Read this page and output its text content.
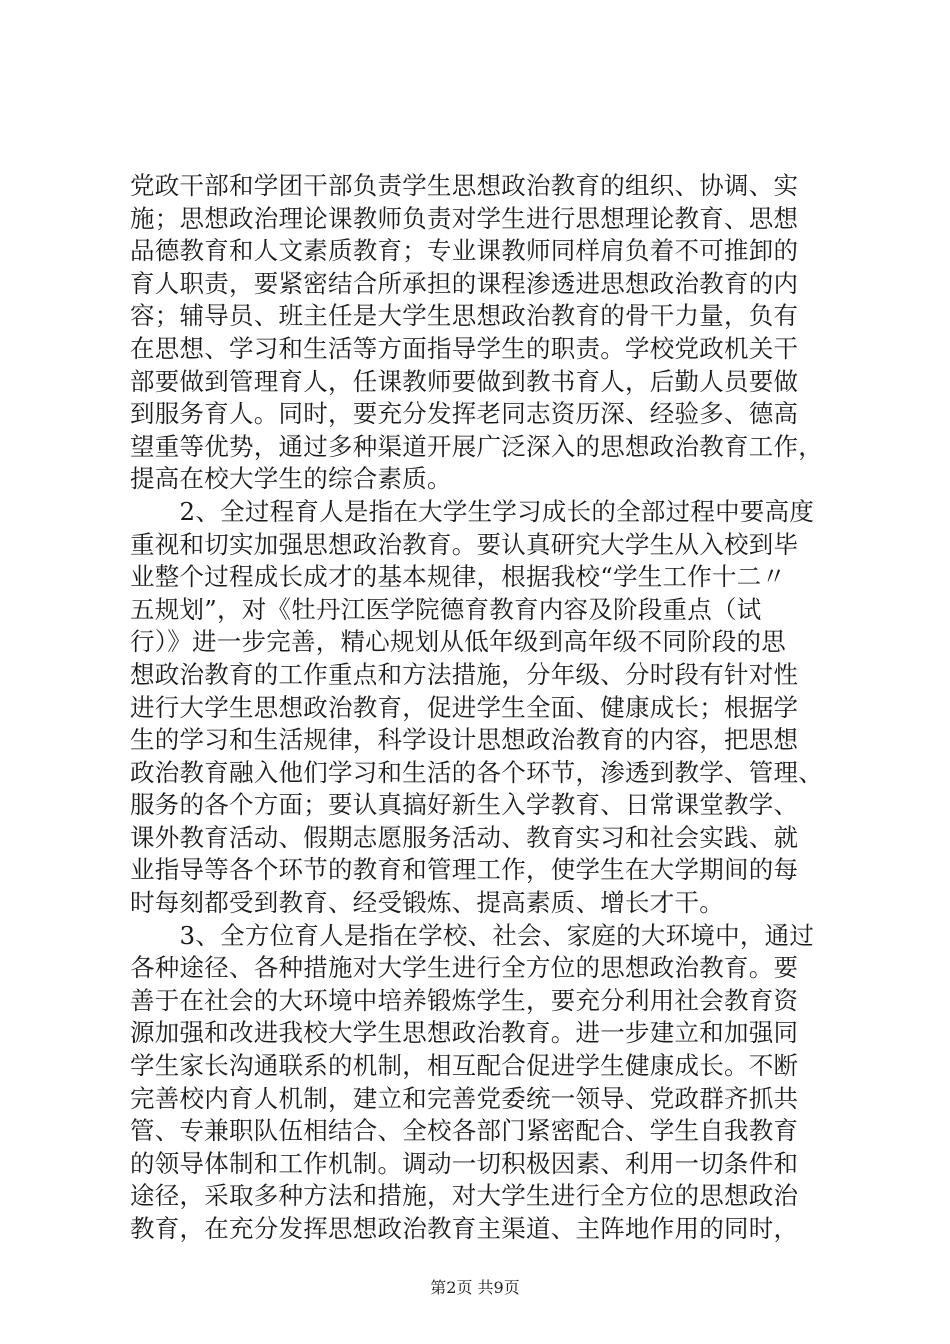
党政干部和学团干部负责学生思想政治教育的组织、协调、实
施；思想政治理论课教师负责对学生进行思想理论教育、思想
品德教育和人文素质教育；专业课教师同样肩负着不可推卸的
育人职责，要紧密结合所承担的课程渗透进思想政治教育的内
容；辅导员、班主任是大学生思想政治教育的骨干力量，负有
在思想、学习和生活等方面指导学生的职责。学校党政机关干
部要做到管理育人，任课教师要做到教书育人，后勤人员要做
到服务育人。同时，要充分发挥老同志资历深、经验多、德高
望重等优势，通过多种渠道开展广泛深入的思想政治教育工作，
提高在校大学生的综合素质。
　　2、全过程育人是指在大学生学习成长的全部过程中要高度
重视和切实加强思想政治教育。要认真研究大学生从入校到毕
业整个过程成长成才的基本规律，根据我校“学生工作十二〃
五规划”，对《牡丹江医学院德育教育内容及阶段重点（试
行）》进一步完善，精心规划从低年级到高年级不同阶段的思
想政治教育的工作重点和方法措施，分年级、分时段有针对性
进行大学生思想政治教育，促进学生全面、健康成长；根据学
生的学习和生活规律，科学设计思想政治教育的内容，把思想
政治教育融入他们学习和生活的各个环节，渗透到教学、管理、
服务的各个方面；要认真搞好新生入学教育、日常课堂教学、
课外教育活动、假期志愿服务活动、教育实习和社会实践、就
业指导等各个环节的教育和管理工作，使学生在大学期间的每
时每刻都受到教育、经受锻炼、提高素质、增长才干。
　　3、全方位育人是指在学校、社会、家庭的大环境中，通过
各种途径、各种措施对大学生进行全方位的思想政治教育。要
善于在社会的大环境中培养锻炼学生，要充分利用社会教育资
源加强和改进我校大学生思想政治教育。进一步建立和加强同
学生家长沟通联系的机制，相互配合促进学生健康成长。不断
完善校内育人机制，建立和完善党委统一领导、党政群齐抓共
管、专兼职队伍相结合、全校各部门紧密配合、学生自我教育
的领导体制和工作机制。调动一切积极因素、利用一切条件和
途径，采取多种方法和措施，对大学生进行全方位的思想政治
教育，在充分发挥思想政治教育主渠道、主阵地作用的同时，
第2页 共9页
